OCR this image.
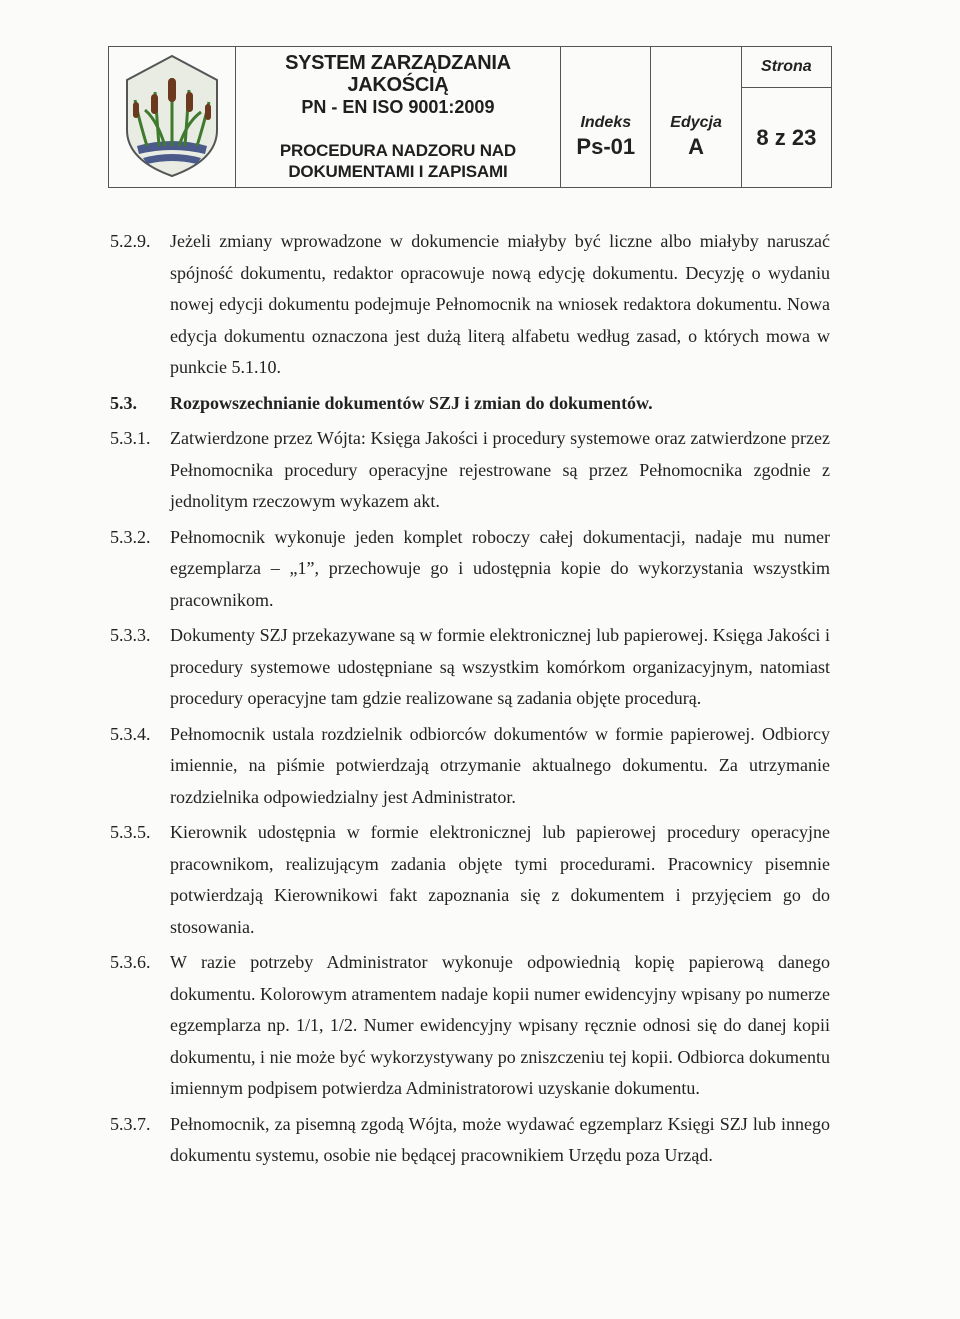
SYSTEM ZARZĄDZANIA JAKOŚCIĄ
PN - EN ISO 9001:2009
PROCEDURA NADZORU NAD
DOKUMENTAMI I ZAPISAMI

Indeks
Ps-01

Edycja
A

Strona

8 z 23
5.2.9. Jeżeli zmiany wprowadzone w dokumencie miałyby być liczne albo miałyby naruszać spójność dokumentu, redaktor opracowuje nową edycję dokumentu. Decyzję o wydaniu nowej edycji dokumentu podejmuje Pełnomocnik na wniosek redaktora dokumentu. Nowa edycja dokumentu oznaczona jest dużą literą alfabetu według zasad, o których mowa w punkcie 5.1.10.
5.3. Rozpowszechnianie dokumentów SZJ i zmian do dokumentów.
5.3.1. Zatwierdzone przez Wójta: Księga Jakości i procedury systemowe oraz zatwierdzone przez Pełnomocnika procedury operacyjne rejestrowane są przez Pełnomocnika zgodnie z jednolitym rzeczowym wykazem akt.
5.3.2. Pełnomocnik wykonuje jeden komplet roboczy całej dokumentacji, nadaje mu numer egzemplarza – „1”, przechowuje go i udostępnia kopie do wykorzystania wszystkim pracownikom.
5.3.3. Dokumenty SZJ przekazywane są w formie elektronicznej lub papierowej. Księga Jakości i procedury systemowe udostępniane są wszystkim komórkom organizacyjnym, natomiast procedury operacyjne tam gdzie realizowane są zadania objęte procedurą.
5.3.4. Pełnomocnik ustala rozdzielnik odbiorców dokumentów w formie papierowej. Odbiorcy imiennie, na piśmie potwierdzają otrzymanie aktualnego dokumentu. Za utrzymanie rozdzielnika odpowiedzialny jest Administrator.
5.3.5. Kierownik udostępnia w formie elektronicznej lub papierowej procedury operacyjne pracownikom, realizującym zadania objęte tymi procedurami. Pracownicy pisemnie potwierdzają Kierownikowi fakt zapoznania się z dokumentem i przyjęciem go do stosowania.
5.3.6. W razie potrzeby Administrator wykonuje odpowiednią kopię papierową danego dokumentu. Kolorowym atramentem nadaje kopii numer ewidencyjny wpisany po numerze egzemplarza np. 1/1, 1/2. Numer ewidencyjny wpisany ręcznie odnosi się do danej kopii dokumentu, i nie może być wykorzystywany po zniszczeniu tej kopii. Odbiorca dokumentu imiennym podpisem potwierdza Administratorowi uzyskanie dokumentu.
5.3.7. Pełnomocnik, za pisemną zgodą Wójta, może wydawać egzemplarz Księgi SZJ lub innego dokumentu systemu, osobie nie będącej pracownikiem Urzędu poza Urząd.
